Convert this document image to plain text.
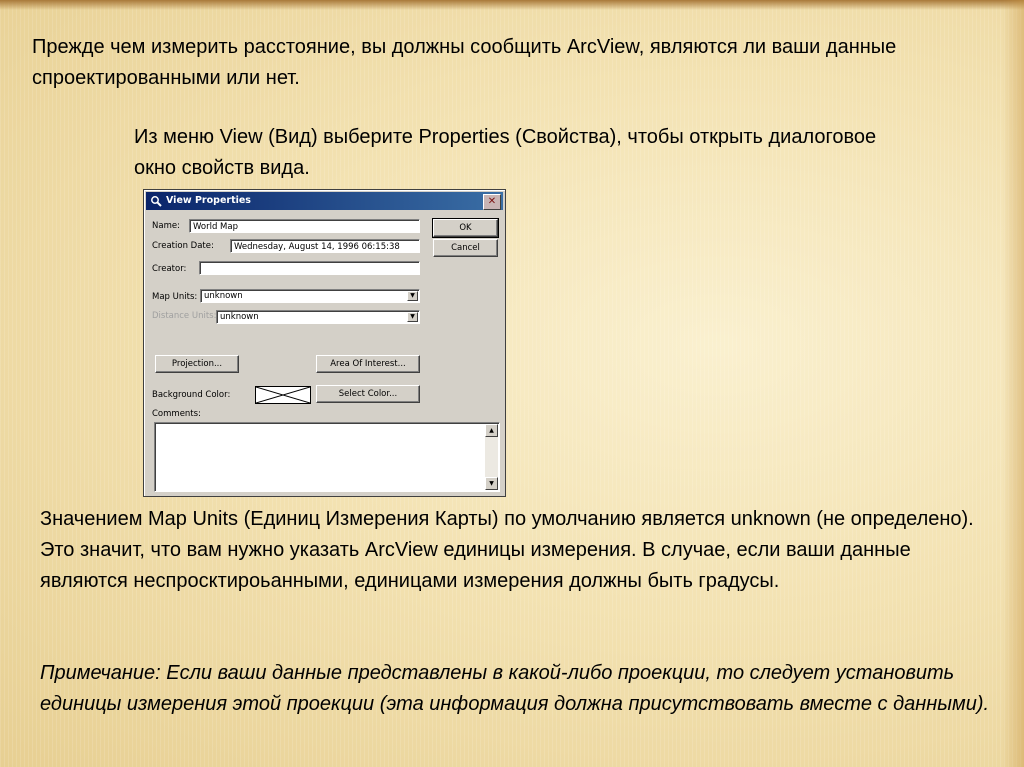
Прежде чем измерить расстояние, вы должны сообщить ArcView, являются ли ваши данные спроектированными или нет.
Из меню View (Вид) выберите Properties (Свойства), чтобы открыть диалоговое окно свойств вида.
View Properties	✕
Name:	World Map
Creation Date:	Wednesday, August 14, 1996 06:15:38
Creator:
Map Units: unknown	▼
Distance Units: unknown	▼
OK
Cancel
Projection...	Area Of Interest...
Background Color:	Select Color...
Comments:
▲
▼
Значением Map Units (Единиц Измерения Карты) по умолчанию является unknown (не определено). Это значит, что вам нужно указать ArcView единицы измерения. В случае, если ваши данные являются неспросктироьанными, единицами измерения должны быть градусы.
Примечание: Если ваши данные представлены в какой-либо проекции, то следует установить единицы измерения этой проекции (эта информация должна присутствовать вместе с данными).
